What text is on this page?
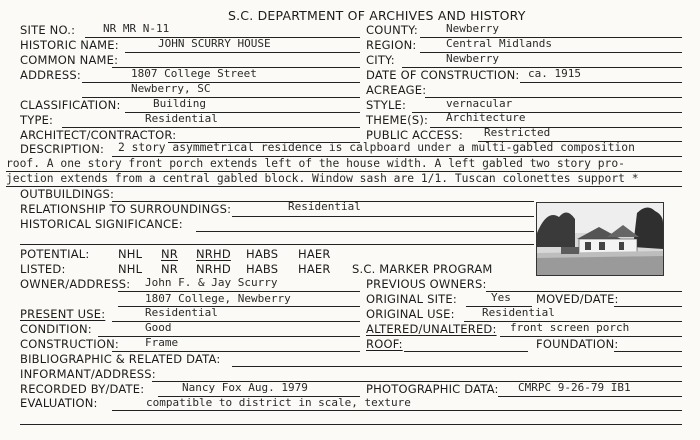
S.C. DEPARTMENT OF ARCHIVES AND HISTORY
SITE NO.:	NR MR N-11
HISTORIC NAME:	JOHN SCURRY HOUSE
COMMON NAME:
ADDRESS:	1807 College Street
Newberry, SC
CLASSIFICATION:	Building
TYPE:	Residential
ARCHITECT/CONTRACTOR:
COUNTY:	Newberry
REGION:	Central Midlands
CITY:	Newberry
DATE OF CONSTRUCTION: ca. 1915
ACREAGE:
STYLE:	vernacular
THEME(S): Architecture
PUBLIC ACCESS: Restricted
DESCRIPTION: 2 story asymmetrical residence is calpboard under a multi-gabled composition
roof. A one story front porch extends left of the house width. A left gabled two story pro-
jection extends from a central gabled block. Window sash are 1/1. Tuscan colonettes support *
OUTBUILDINGS:
RELATIONSHIP TO SURROUNDINGS:	Residential
HISTORICAL SIGNIFICANCE:
POTENTIAL: NHL NR NRHD HABS HAER
LISTED:	NHL NR NRHD HABS HAER S.C. MARKER PROGRAM
OWNER/ADDRESS: John F. & Jay Scurry
1807 College, Newberry
PREVIOUS OWNERS:
ORIGINAL SITE:	Yes MOVED/DATE:
PRESENT USE:	Residential	ORIGINAL USE: Residential
CONDITION:	Good	ALTERED/UNALTERED: front screen porch
CONSTRUCTION: Frame	ROOF:	FOUNDATION:
BIBLIOGRAPHIC & RELATED DATA:
INFORMANT/ADDRESS:
RECORDED BY/DATE:	Nancy Fox Aug. 1979	PHOTOGRAPHIC DATA: CMRPC 9-26-79 IB1
EVALUATION:	compatible to district in scale, texture
